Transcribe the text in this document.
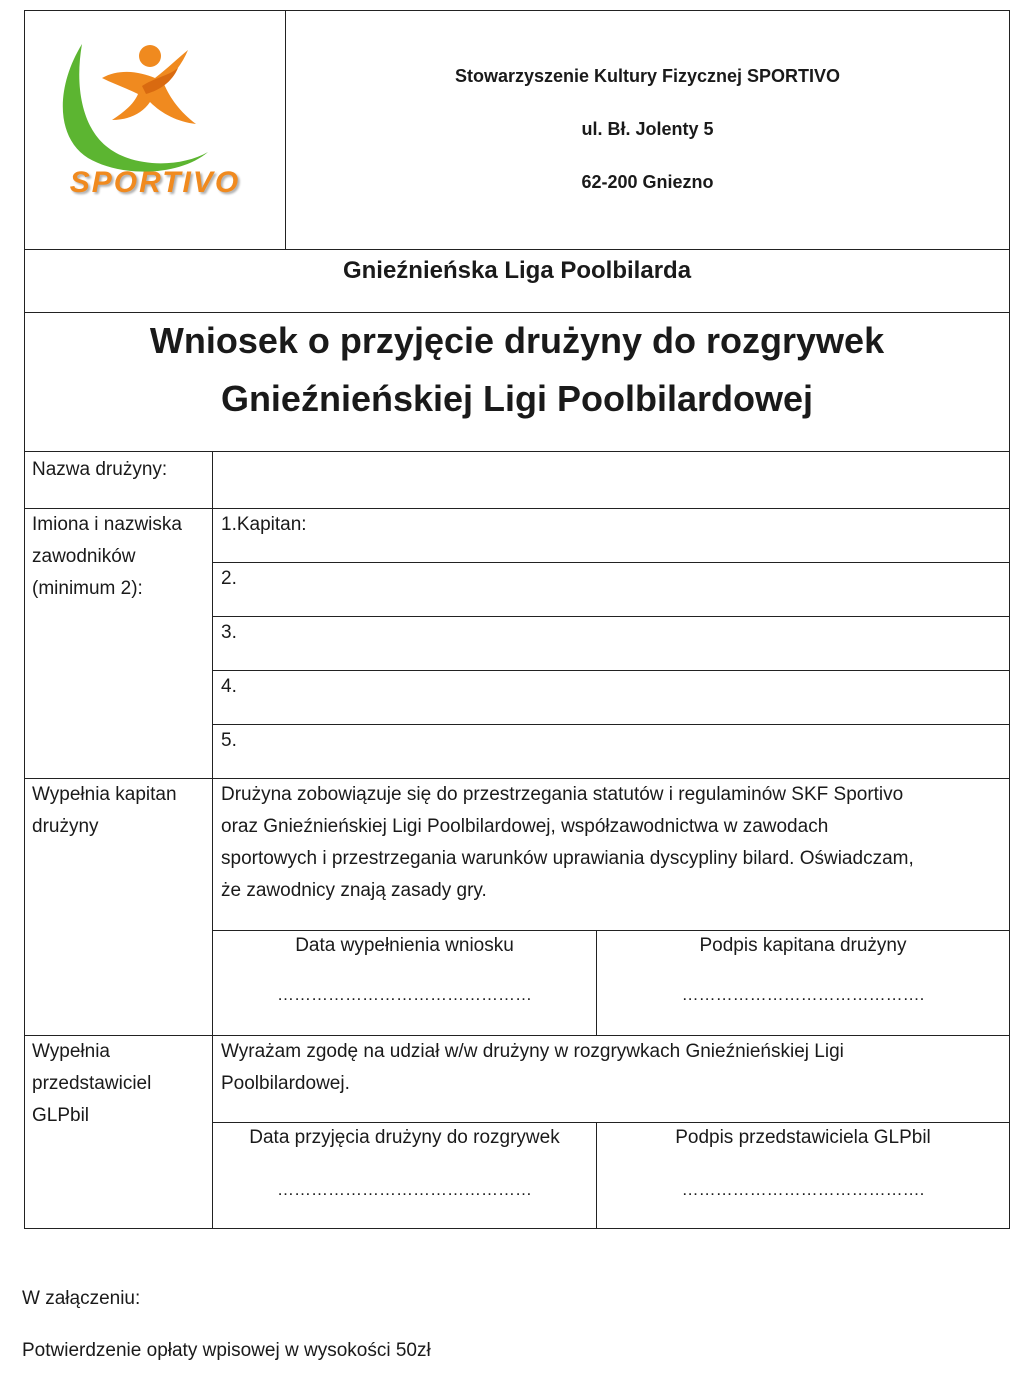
SPORTIVO
Stowarzyszenie Kultury Fizycznej SPORTIVO
ul. Bł. Jolenty 5
62-200 Gniezno
Gnieźnieńska Liga Poolbilarda
Wniosek o przyjęcie drużyny do rozgrywek
Gnieźnieńskiej Ligi Poolbilardowej
Nazwa drużyny:
Imiona i nazwiska
zawodników
(minimum 2):
1.Kapitan:
2.
3.
4.
5.
Wypełnia kapitan
drużyny
Drużyna zobowiązuje się do przestrzegania statutów i regulaminów SKF Sportivo
oraz Gnieźnieńskiej Ligi Poolbilardowej, współzawodnictwa w zawodach
sportowych i przestrzegania warunków uprawiania dyscypliny bilard. Oświadczam,
że zawodnicy znają zasady gry.
Data wypełnienia wniosku
………………………………………
Podpis kapitana drużyny
…………………………………….
Wypełnia
przedstawiciel
GLPbil
Wyrażam zgodę na udział w/w drużyny w rozgrywkach Gnieźnieńskiej Ligi
Poolbilardowej.
Data przyjęcia drużyny do rozgrywek
………………………………………
Podpis przedstawiciela GLPbil
…………………………………….
W załączeniu:
Potwierdzenie opłaty wpisowej w wysokości 50zł
